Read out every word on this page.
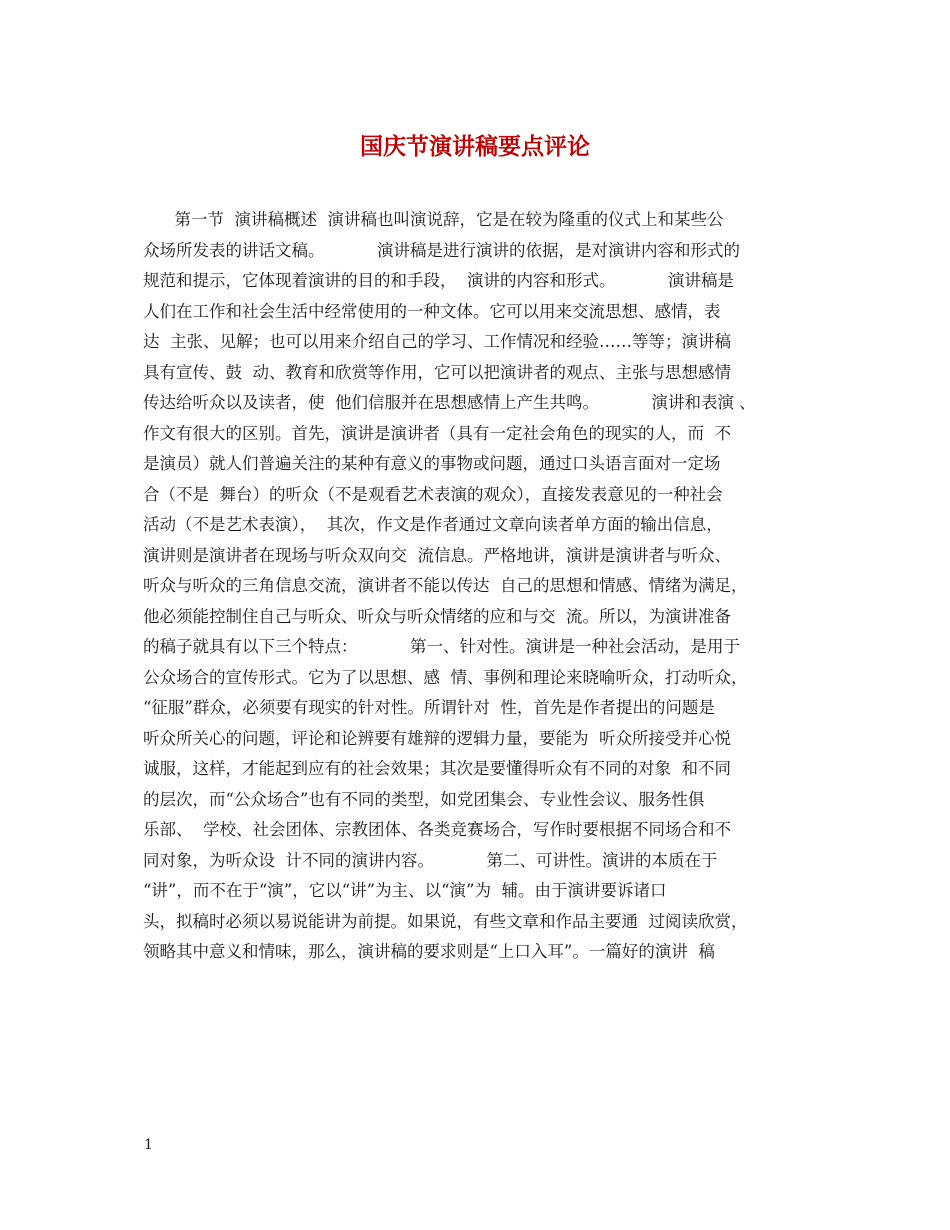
国庆节演讲稿要点评论
第一节  演讲稿概述  演讲稿也叫演说辞，它是在较为隆重的仪式上和某些公
众场所发表的讲话文稿。          演讲稿是进行演讲的依据，是对演讲内容和形式的
规范和提示，它体现着演讲的目的和手段，  演讲的内容和形式。          演讲稿是
人们在工作和社会生活中经常使用的一种文体。它可以用来交流思想、感情，表
达  主张、见解；也可以用来介绍自己的学习、工作情况和经验……等等；演讲稿
具有宣传、鼓  动、教育和欣赏等作用，它可以把演讲者的观点、主张与思想感情
传达给听众以及读者，使  他们信服并在思想感情上产生共鸣。          演讲和表演 、
作文有很大的区别。首先，演讲是演讲者（具有一定社会角色的现实的人，而  不
是演员）就人们普遍关注的某种有意义的事物或问题，通过口头语言面对一定场
合（不是  舞台）的听众（不是观看艺术表演的观众），直接发表意见的一种社会
活动（不是艺术表演），  其次，作文是作者通过文章向读者单方面的输出信息，
演讲则是演讲者在现场与听众双向交  流信息。严格地讲，演讲是演讲者与听众、
听众与听众的三角信息交流，演讲者不能以传达  自己的思想和情感、情绪为满足，
他必须能控制住自己与听众、听众与听众情绪的应和与交  流。所以，为演讲准备
的稿子就具有以下三个特点：          第一、针对性。演讲是一种社会活动，是用于
公众场合的宣传形式。它为了以思想、感  情、事例和理论来晓喻听众，打动听众，
“征服”群众，必须要有现实的针对性。所谓针对  性，首先是作者提出的问题是
听众所关心的问题，评论和论辨要有雄辩的逻辑力量，要能为  听众所接受并心悦
诚服，这样，才能起到应有的社会效果；其次是要懂得听众有不同的对象  和不同
的层次，而“公众场合”也有不同的类型，如党团集会、专业性会议、服务性俱
乐部、  学校、社会团体、宗教团体、各类竞赛场合，写作时要根据不同场合和不
同对象，为听众设  计不同的演讲内容。          第二、可讲性。演讲的本质在于
“讲”，而不在于“演”，它以“讲”为主、以“演”为  辅。由于演讲要诉诸口
头，拟稿时必须以易说能讲为前提。如果说，有些文章和作品主要通  过阅读欣赏，
领略其中意义和情味，那么，演讲稿的要求则是“上口入耳”。一篇好的演讲  稿
1
